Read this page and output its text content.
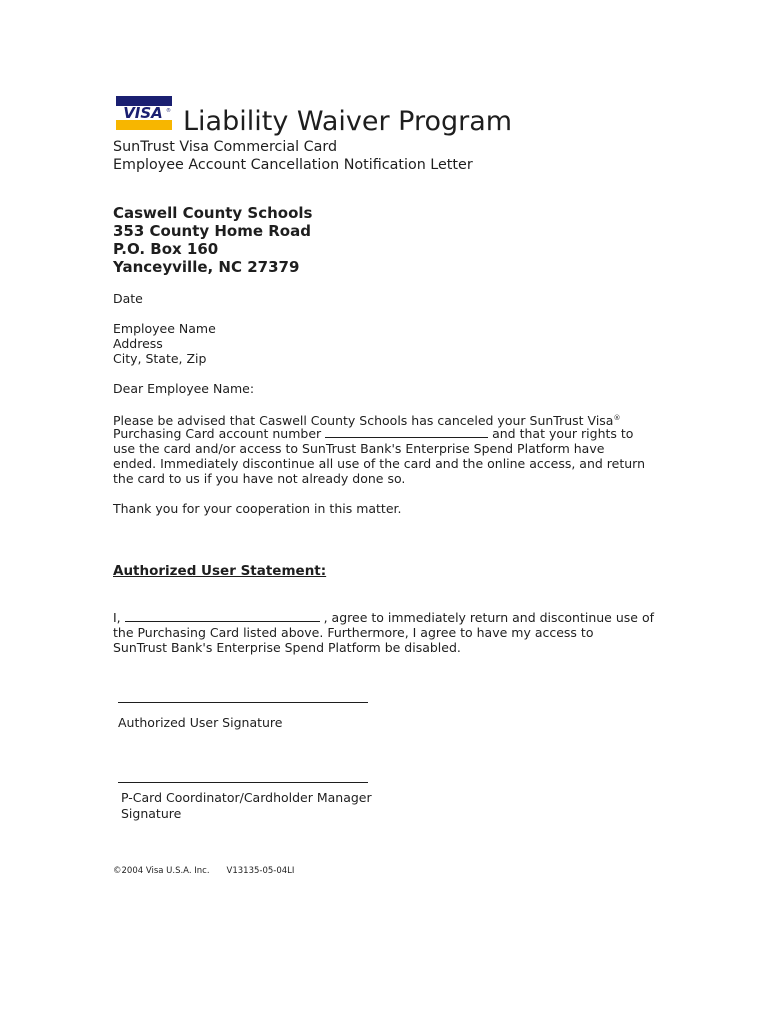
VISA ® Liability Waiver Program
SunTrust Visa Commercial Card
Employee Account Cancellation Notification Letter
Caswell County Schools
353 County Home Road
P.O. Box 160
Yanceyville, NC 27379
Date
Employee Name
Address
City, State, Zip
Dear Employee Name:
Please be advised that Caswell County Schools has canceled your SunTrust Visa®
Purchasing Card account number	and that your rights to
use the card and/or access to SunTrust Bank's Enterprise Spend Platform have
ended. Immediately discontinue all use of the card and the online access, and return
the card to us if you have not already done so.
Thank you for your cooperation in this matter.
Authorized User Statement:
I,	, agree to immediately return and discontinue use of
the Purchasing Card listed above. Furthermore, I agree to have my access to
SunTrust Bank's Enterprise Spend Platform be disabled.
Authorized User Signature
P-Card Coordinator/Cardholder Manager
Signature
©2004 Visa U.S.A. Inc. V13135-05-04LI
